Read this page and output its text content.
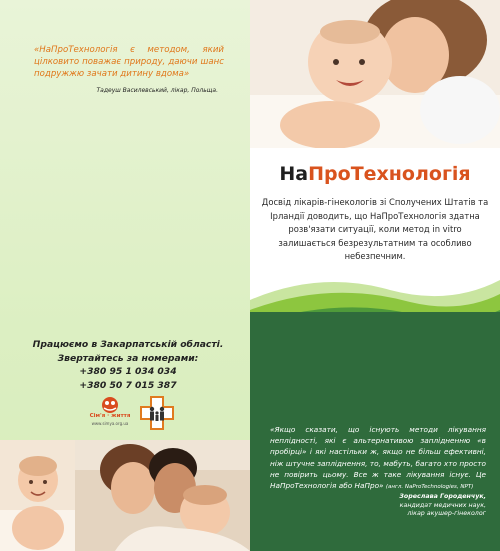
«НаПроТехнологія є методом, який цілковито поважає природу, даючи шанс подружжю зачати дитину вдома»
Тадеуш Василевський, лікар, Польща.
Працюємо в Закарпатській області.
Звертайтесь за номерами:
+380 95 1 034 034
+380 50 7 015 387
Сім'я · життя
www.simya.org.ua
НаПроТехнологія
Досвід лікарів-гінекологів зі Сполучених Штатів та Ірландії доводить, що НаПроТехнологія здатна розв'язати ситуації, коли метод in vitro залишається безрезультатним та особливо небезпечним.
«Якщо сказати, що існують методи лікування неплідності, які є альтернативою заплідненню «в пробірці» і які настільки ж, якщо не більш ефективні, ніж штучне запліднення, то, мабуть, багато хто просто не повірить цьому. Все ж таке лікування існує. Це НаПроТехнологія або НаПро» (англ. NaProTechnologies, NPT)
Зореслава Городенчук,
кандидат медичних наук,
лікар акушер-гінеколог
